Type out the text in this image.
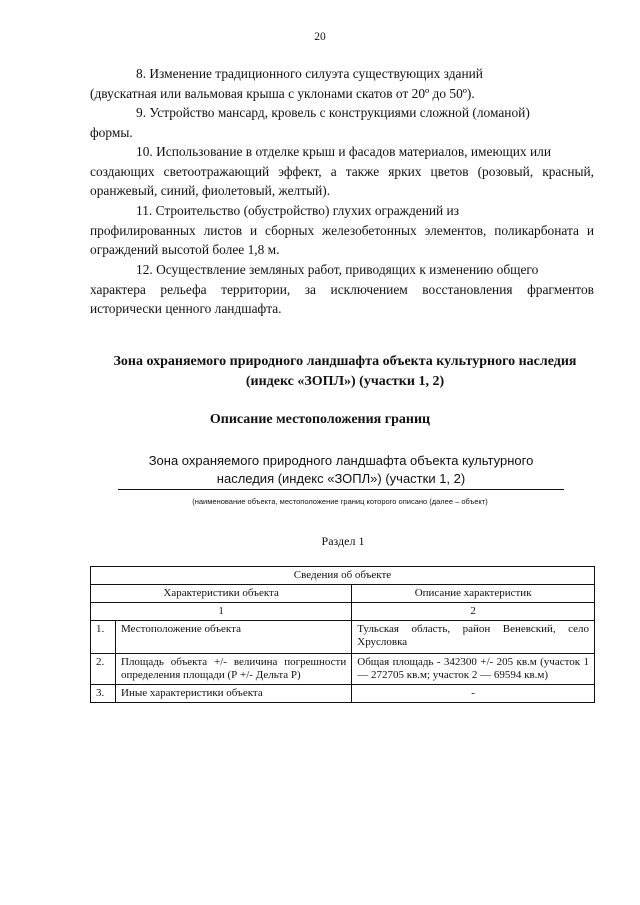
20
8. Изменение традиционного силуэта существующих зданий
(двускатная или вальмовая крыша с уклонами скатов от 20º до 50º).
9. Устройство мансард, кровель с конструкциями сложной (ломаной)
формы.
10. Использование в отделке крыш и фасадов материалов, имеющих или
создающих светоотражающий эффект, а также ярких цветов (розовый, красный, оранжевый, синий, фиолетовый, желтый).
11. Строительство (обустройство) глухих ограждений из
профилированных листов и сборных железобетонных элементов, поликарбоната и ограждений высотой более 1,8 м.
12. Осуществление земляных работ, приводящих к изменению общего
характера рельефа территории, за исключением восстановления фрагментов исторически ценного ландшафта.
Зона охраняемого природного ландшафта объекта культурного наследия
(индекс «ЗОПЛ») (участки 1, 2)
Описание местоположения границ
Зона охраняемого природного ландшафта объекта культурного
наследия (индекс «ЗОПЛ») (участки 1, 2)
(наименование объекта, местоположение границ которого описано (далее – объект)
Раздел 1
Сведения об объекте		
Характеристики объекта		Описание характеристик
1		2
1.	Местоположение объекта	Тульская область, район Веневский, село Хрусловка
2.	Площадь объекта +/- величина погрешности определения площади (Р +/- Дельта Р)	Общая площадь - 342300 +/- 205 кв.м (участок 1 — 272705 кв.м; участок 2 — 69594 кв.м)
3.	Иные характеристики объекта	-
